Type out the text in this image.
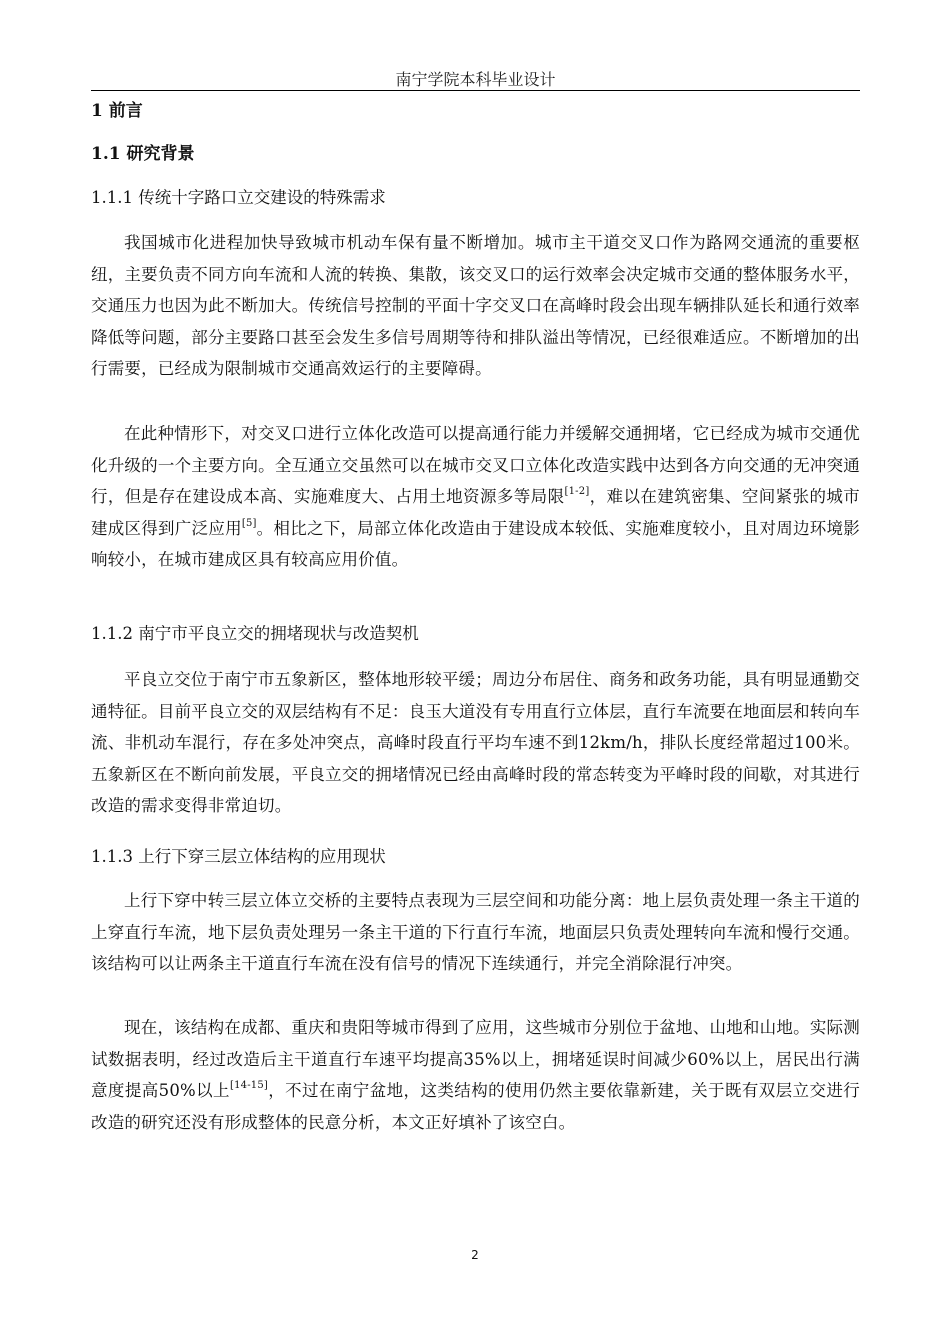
南宁学院本科毕业设计
1 前言
1.1 研究背景
1.1.1 传统十字路口立交建设的特殊需求

我国城市化进程加快导致城市机动车保有量不断增加。城市主干道交叉口作为路网交通流的重要枢纽，主要负责不同方向车流和人流的转换、集散，该交叉口的运行效率会决定城市交通的整体服务水平，交通压力也因为此不断加大。传统信号控制的平面十字交叉口在高峰时段会出现车辆排队延长和通行效率降低等问题，部分主要路口甚至会发生多信号周期等待和排队溢出等情况，已经很难适应。不断增加的出行需要，已经成为限制城市交通高效运行的主要障碍。

在此种情形下，对交叉口进行立体化改造可以提高通行能力并缓解交通拥堵，它已经成为城市交通优化升级的一个主要方向。全互通立交虽然可以在城市交叉口立体化改造实践中达到各方向交通的无冲突通行，但是存在建设成本高、实施难度大、占用土地资源多等局限[1-2]，难以在建筑密集、空间紧张的城市建成区得到广泛应用[5]。相比之下，局部立体化改造由于建设成本较低、实施难度较小，且对周边环境影响较小，在城市建成区具有较高应用价值。

1.1.2 南宁市平良立交的拥堵现状与改造契机

平良立交位于南宁市五象新区，整体地形较平缓；周边分布居住、商务和政务功能，具有明显通勤交通特征。目前平良立交的双层结构有不足：良玉大道没有专用直行立体层，直行车流要在地面层和转向车流、非机动车混行，存在多处冲突点，高峰时段直行平均车速不到12km/h，排队长度经常超过100米。五象新区在不断向前发展，平良立交的拥堵情况已经由高峰时段的常态转变为平峰时段的间歇，对其进行改造的需求变得非常迫切。

1.1.3 上行下穿三层立体结构的应用现状

上行下穿中转三层立体立交桥的主要特点表现为三层空间和功能分离：地上层负责处理一条主干道的上穿直行车流，地下层负责处理另一条主干道的下行直行车流，地面层只负责处理转向车流和慢行交通。该结构可以让两条主干道直行车流在没有信号的情况下连续通行，并完全消除混行冲突。

现在，该结构在成都、重庆和贵阳等城市得到了应用，这些城市分别位于盆地、山地和山地。实际测试数据表明，经过改造后主干道直行车速平均提高35%以上，拥堵延误时间减少60%以上，居民出行满意度提高50%以上[14-15]，不过在南宁盆地，这类结构的使用仍然主要依靠新建，关于既有双层立交进行改造的研究还没有形成整体的民意分析，本文正好填补了该空白。

2
